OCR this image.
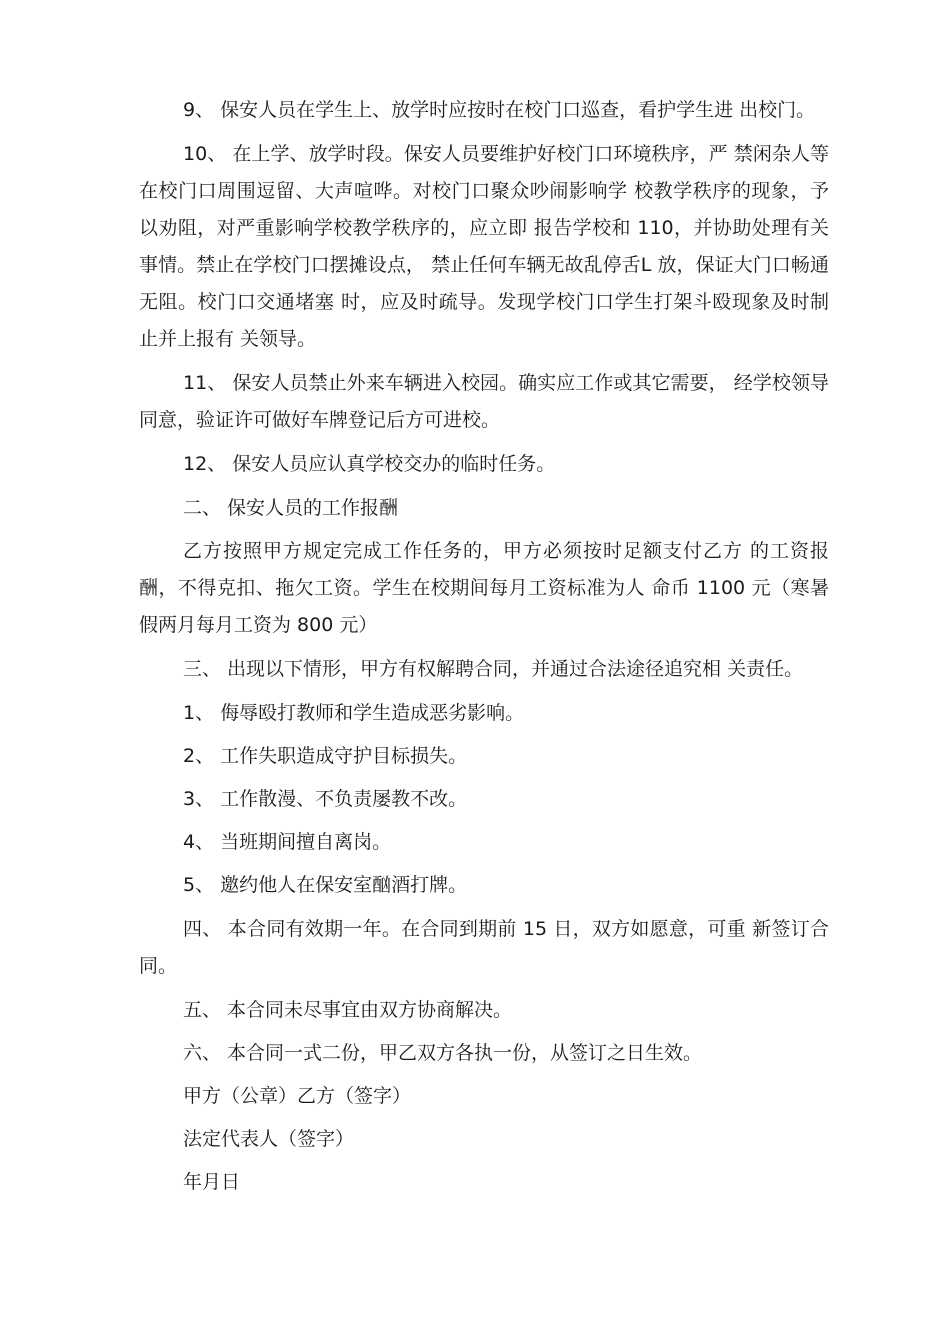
9、 保安人员在学生上、放学时应按时在校门口巡查，看护学生进 出校门。

10、 在上学、放学时段。保安人员要维护好校门口环境秩序，严 禁闲杂人等在校门口周围逗留、大声喧哗。对校门口聚众吵闹影响学 校教学秩序的现象，予以劝阻，对严重影响学校教学秩序的，应立即 报告学校和 110，并协助处理有关事情。禁止在学校门口摆摊设点， 禁止任何车辆无故乱停舌L 放，保证大门口畅通无阻。校门口交通堵塞 时，应及时疏导。发现学校门口学生打架斗殴现象及时制止并上报有 关领导。

11、 保安人员禁止外来车辆进入校园。确实应工作或其它需要， 经学校领导同意，验证许可做好车牌登记后方可进校。

12、 保安人员应认真学校交办的临时任务。

二、 保安人员的工作报酬

乙方按照甲方规定完成工作任务的，甲方必须按时足额支付乙方 的工资报酬，不得克扣、拖欠工资。学生在校期间每月工资标准为人 命币 1100 元（寒暑假两月每月工资为 800 元）

三、 出现以下情形，甲方有权解聘合同，并通过合法途径追究相 关责任。

1、 侮辱殴打教师和学生造成恶劣影响。

2、 工作失职造成守护目标损失。

3、 工作散漫、不负责屡教不改。

4、 当班期间擅自离岗。

5、 邀约他人在保安室酗酒打牌。

四、 本合同有效期一年。在合同到期前 15 日，双方如愿意，可重 新签订合同。

五、 本合同未尽事宜由双方协商解决。

六、 本合同一式二份，甲乙双方各执一份，从签订之日生效。

甲方（公章）乙方（签字）

法定代表人（签字）

年月日
